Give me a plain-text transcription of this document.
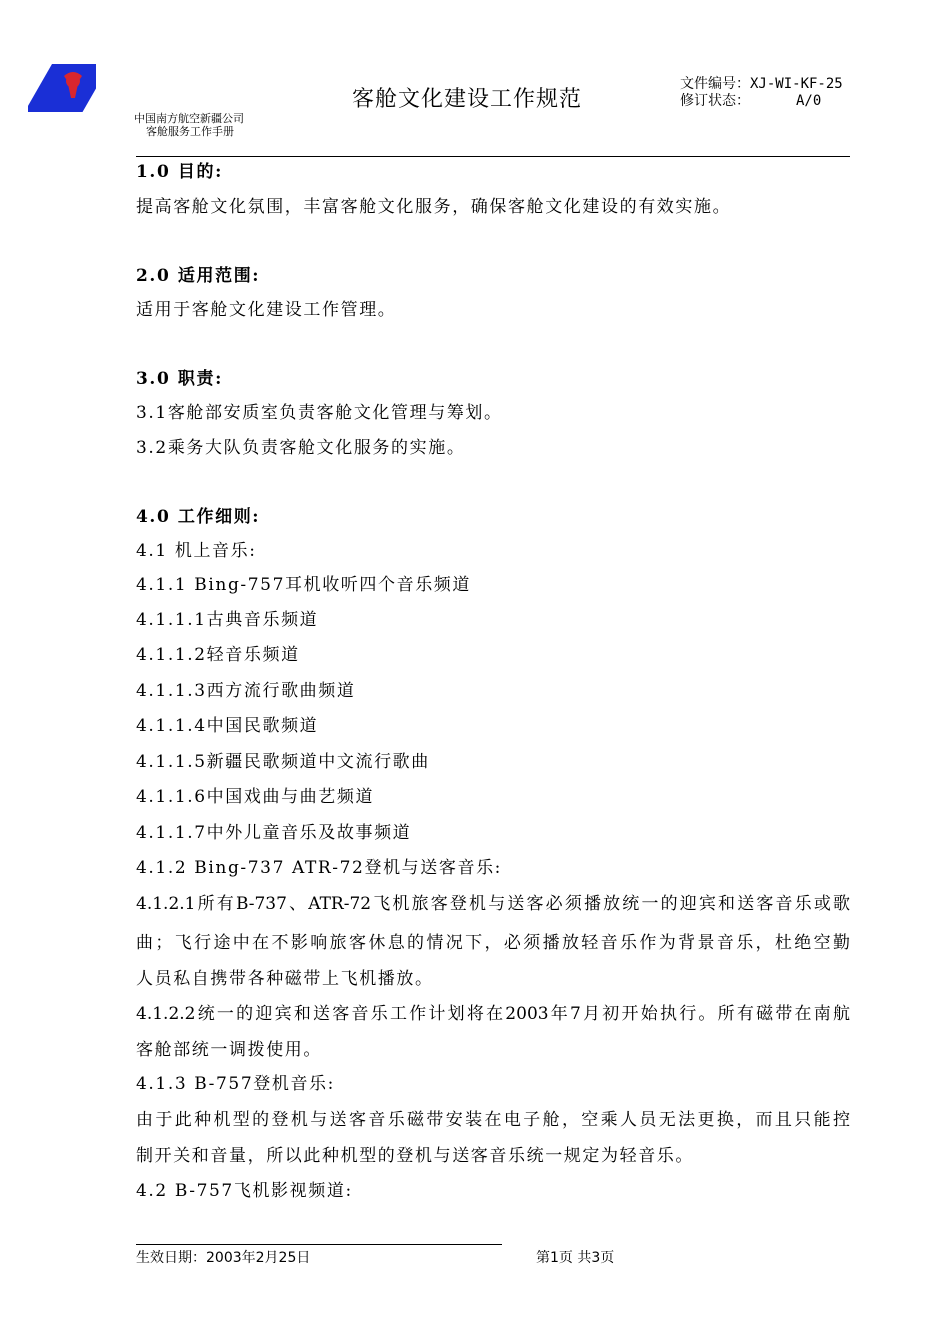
中国南方航空新疆公司
客舱服务工作手册
客舱文化建设工作规范
文件编号：XJ-WI-KF-25
修订状态：	A/0
1.0 目的:
提高客舱文化氛围，丰富客舱文化服务，确保客舱文化建设的有效实施。
2.0 适用范围:
适用于客舱文化建设工作管理。
3.0 职责:
3.1客舱部安质室负责客舱文化管理与筹划。
3.2乘务大队负责客舱文化服务的实施。
4.0 工作细则:
4.1 机上音乐:
4.1.1 Bing-757耳机收听四个音乐频道
4.1.1.1古典音乐频道
4.1.1.2轻音乐频道
4.1.1.3西方流行歌曲频道
4.1.1.4中国民歌频道
4.1.1.5新疆民歌频道中文流行歌曲
4.1.1.6中国戏曲与曲艺频道
4.1.1.7中外儿童音乐及故事频道
4.1.2 Bing-737 ATR-72登机与送客音乐:
4.1.2.1所有B-737、ATR-72飞机旅客登机与送客必须播放统一的迎宾和送客音乐或歌
曲；飞行途中在不影响旅客休息的情况下，必须播放轻音乐作为背景音乐，杜绝空勤
人员私自携带各种磁带上飞机播放。
4.1.2.2统一的迎宾和送客音乐工作计划将在2003年7月初开始执行。所有磁带在南航
客舱部统一调拨使用。
4.1.3 B-757登机音乐:
由于此种机型的登机与送客音乐磁带安装在电子舱，空乘人员无法更换，而且只能控
制开关和音量，所以此种机型的登机与送客音乐统一规定为轻音乐。
4.2 B-757飞机影视频道:
生效日期：2003年2月25日	第1页 共3页
